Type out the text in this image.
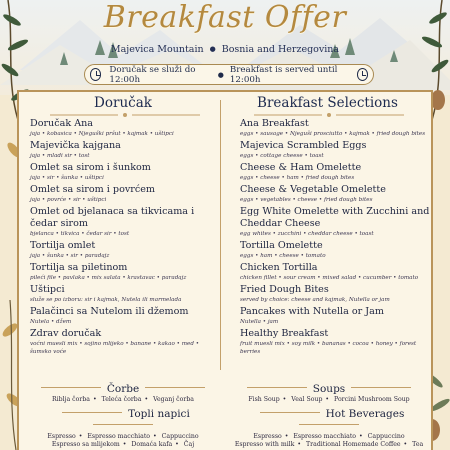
Breakfast Offer
Majevica Mountain ● Bosnia and Herzegovina
Doručak se služi do 12:00h	● Breakfast is served until 12:00h
Doručak	Breakfast Selections
Doručak Ana
jaja • kobasica • Njeguški pršut • kajmak • uštipci
Majevička kajgana
jaja • mladi sir • tost
Omlet sa sirom i šunkom
jaja • sir • šunka • uštipci
Omlet sa sirom i povrćem
jaja • povrće • sir • uštipci
Omlet od bjelanaca sa tikvicama i čedar sirom
bjelanca • tikvica • čedar sir • tost
Tortilja omlet
jaja • šunka • sir • paradajz
Tortilja sa piletinom
pileći file • pavlaka • mix salata • krastavac • paradajz
Uštipci
služe se po izboru: sir i kajmak, Nutela ili marmelada
Palačinci sa Nutelom ili džemom
Nutela • džem
Zdrav doručak
voćni muesli mix • sojino mlijeko • banane • kakao • med • šumsko voće
Ana Breakfast
eggs • sausage • Njeguši prosciutto • kajmak • fried dough bites
Majevica Scrambled Eggs
eggs • cottage cheese • toast
Cheese & Ham Omelette
eggs • cheese • ham • fried dough bites
Cheese & Vegetable Omelette
eggs • vegetables • cheese • fried dough bites
Egg White Omelette with Zucchini and Cheddar Cheese
egg whites • zucchini • cheddar cheese • toast
Tortilla Omelette
eggs • ham • cheese • tomato
Chicken Tortilla
chicken fillet • sour cream • mixed salad • cucumber • tomato
Fried Dough Bites
served by choice: cheese and kajmak, Nutella or jam
Pancakes with Nutella or Jam
Nutella • jam
Healthy Breakfast
fruit muesli mix • soy milk • bananas • cocoa • honey • forest berries
Čorbe
Riblja čorba • Teleća čorba • Veganj čorba
Soups
Fish Soup • Veal Soup • Porcini Mushroom Soup
Topli napici
Espresso • Espresso macchiato • Cappuccino
Espresso sa mlijekom • Domaća kafa • Čaj
Hot Beverages
Espresso • Espresso macchiato • Cappuccino
Espresso with milk • Traditional Homemade Coffee • Tea
